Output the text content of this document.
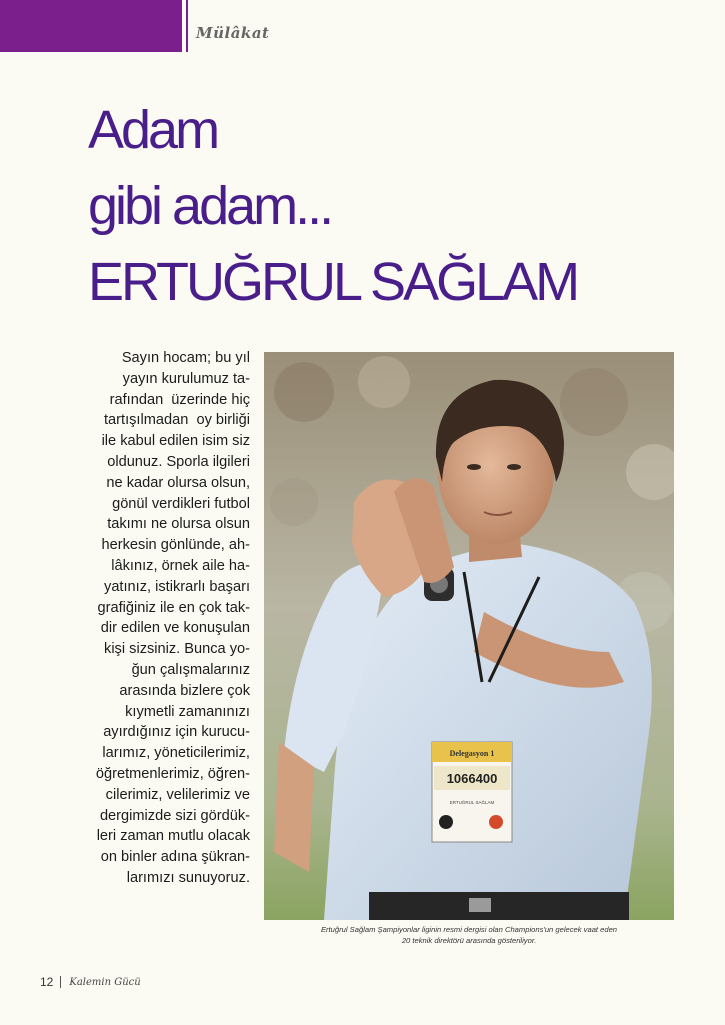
Mülâkat
Adam
gibi adam...
ERTUĞRUL SAĞLAM

Sayın hocam; bu yıl
yayın kurulumuz ta-
rafından  üzerinde hiç
tartışılmadan  oy birliği
ile kabul edilen isim siz
oldunuz. Sporla ilgileri
ne kadar olursa olsun,
gönül verdikleri futbol
takımı ne olursa olsun
herkesin gönlünde, ah-
lâkınız, örnek aile ha-
yatınız, istikrarlı başarı
grafiğiniz ile en çok tak-
dir edilen ve konuşulan
kişi sizsiniz. Bunca yo-
ğun çalışmalarınız
arasında bizlere çok
kıymetli zamanınızı
ayırdığınız için kurucu-
larımız, yöneticilerimiz,
öğretmenlerimiz, öğren-
cilerimiz, velilerimiz ve
dergimizde sizi gördük-
leri zaman mutlu olacak
on binler adına şükran-
larımızı sunuyoruz.

Delegasyon 1
1066400
ERTUĞRUL SAĞLAM

Ertuğrul Sağlam Şampiyonlar liginin resmi dergisi olan Champions'un gelecek vaat eden
20 teknik direktörü arasında gösteriliyor.

12 Kalemin Gücü
